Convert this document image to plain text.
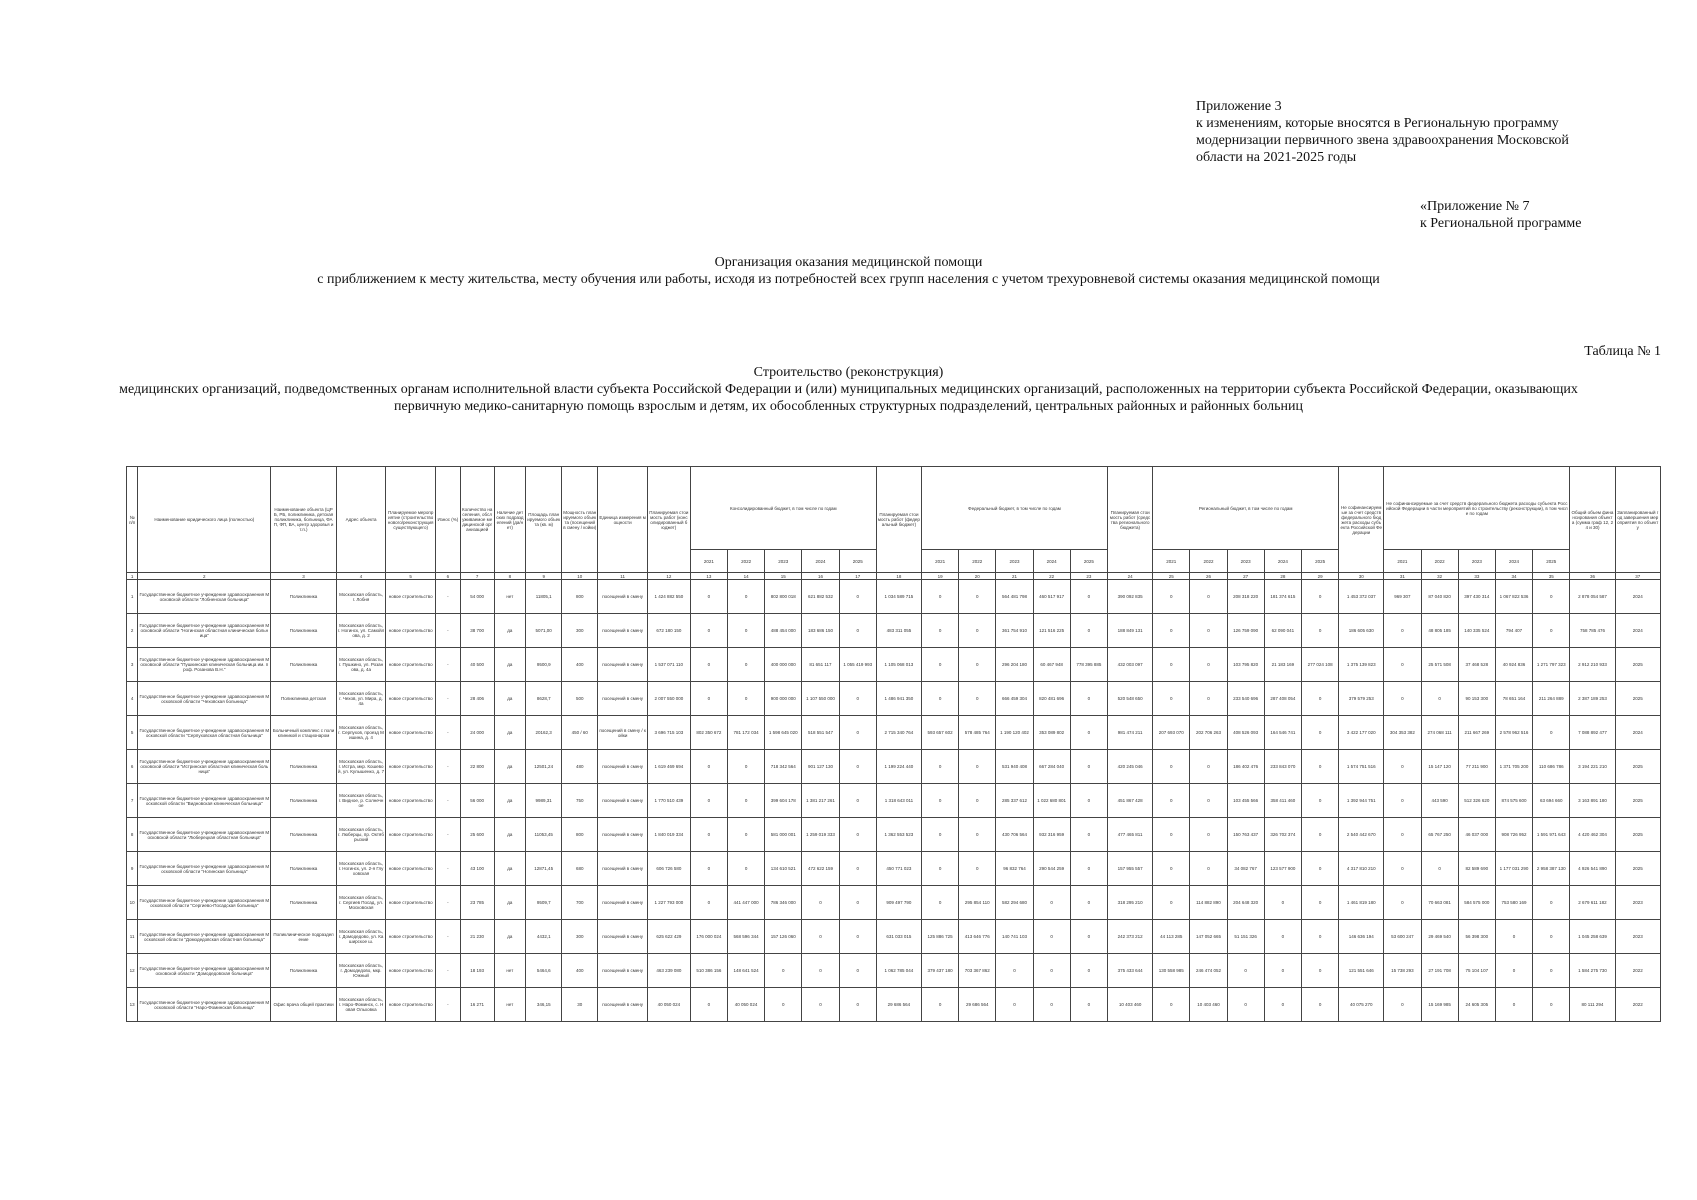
Приложение 3
к изменениям, которые вносятся в Региональную программу
модернизации первичного звена здравоохранения Московской
области на 2021-2025 годы
«Приложение № 7
к Региональной программе
Организация оказания медицинской помощи
с приближением к месту жительства, месту обучения или работы, исходя из потребностей всех групп населения с учетом трехуровневой системы оказания медицинской помощи
Таблица № 1
Строительство (реконструкция)
медицинских организаций, подведомственных органам исполнительной власти субъекта Российской Федерации и (или) муниципальных медицинских организаций, расположенных на территории субъекта Российской Федерации, оказывающих
первичную медико-санитарную помощь взрослым и детям, их обособленных структурных подразделений, центральных районных и районных больниц
№ п/п	Наименование юридического лица (полностью)	Наименование объекта (ЦРБ, РБ, поликлиника, детская поликлиника, больница, ФАП, ФП, ВА, центр здоровья и т.п.)	Адрес объекта	Планируемое мероприятие (строительство нового/реконструкция существующего)	Износ (%)	Количество населения, обслуживаемое медицинской организацией	Наличие детских подразделений (да/нет)	Площадь планируемого объекта (кв. м)	Мощность планируемого объекта (посещений в смену / койки)	Единица измерения мощности	Планируемая стоимость работ (консолидированный бюджет)	Консолидированный бюджет, в том числе по годам					Планируемая стоимость работ (федеральный бюджет)	Федеральный бюджет, в том числе по годам					Планируемая стоимость работ (средства регионального бюджета)	Региональный бюджет, в том числе по годам					Не софинансируемые за счет средств федерального бюджета расходы субъекта Российской Федерации	Не софинансируемые за счет средств федерального бюджета расходы субъекта Российской Федерации в части мероприятий по строительству (реконструкции), в том числе по годам					Общий объем финансирования объекта (сумма граф 12, 24 и 30)	Запланированный год завершения мероприятия по объекту
												2021	2022	2023	2024	2025		2021	2022	2023	2024	2025		2021	2022	2023	2024	2025		2021	2022	2023	2024	2025		
1	2	3	4	5	6	7	8	9	10	11	12	13	14	15	16	17	18	19	20	21	22	23	24	25	26	27	28	29	30	31	32	33	34	35	36	37
1	Государственное бюджетное учреждение здравоохранения Московской области "Лобненская больница"	Поликлиника	Московская область, г. Лобня	новое строительство	-	54 000	нет	11805,1	800	посещений в смену	1 424 882 550	0	0	802 800 018	621 882 532	0	1 034 589 715	0	0	564 481 798	460 517 917	0	390 092 835	0	0	208 318 220	181 374 615	0	1 453 372 037	969 307	87 040 820	397 430 314	1 067 822 536	0	2 878 054 587	2024
2	Государственное бюджетное учреждение здравоохранения Московской области "Ногинская областная клиническая больница"	Поликлиника	Московская область, г. Ногинск, ул. Самойлова, д. 2	новое строительство	-	38 700	да	5071,00	300	посещений в смену	672 180 150	0	0	488 454 000	183 686 150	0	483 311 055	0	0	361 754 910	121 516 225	0	188 849 131	0	0	126 759 090	62 090 041	0	186 605 630	0	48 805 185	140 335 524	794 407	0	758 785 476	2024
3	Государственное бюджетное учреждение здравоохранения Московской области "Пушкинская клиническая больница им. проф. Розанова В.Н."	Поликлиника	Московская область, г. Пушкино, ул. Розанова, д. 4а	новое строительство	-	40 500	да	9500,9	400	посещений в смену	1 537 071 110	0	0	400 000 000	81 651 117	1 055 419 993	1 105 068 013	0	0	296 204 180	60 467 948	778 395 885	432 003 097	0	0	103 795 820	21 183 169	277 024 108	1 375 139 823	0	25 571 508	37 468 528	40 924 836	1 271 797 323	2 912 210 933	2025
4	Государственное бюджетное учреждение здравоохранения Московской области "Чеховская больница"	Поликлиника детская	Московская область, г. Чехов, ул. Мира, д. 4а	новое строительство	-	28 406	да	8628,7	500	посещений в смену	2 007 550 000	0	0	900 000 000	1 107 550 000	0	1 486 941 350	0	0	666 459 304	820 481 696	0	520 548 650	0	0	233 540 696	287 408 054	0	379 579 253	0	0	90 153 300	78 651 164	211 264 889	2 387 189 253	2025
5	Государственное бюджетное учреждение здравоохранения Московской области "Серпуховская областная больница"	Больничный комплекс с поликлиникой и стационаром	Московская область, г. Серпухов, проезд Мишина, д. 4	новое строительство	-	24 000	да	20162,3	450 / 60	посещений в смену / койки	3 696 715 103	802 350 672	781 172 034	1 598 645 020	518 551 547	0	2 715 340 764	593 657 602	578 485 764	1 190 120 402	353 089 802	0	981 474 211	207 693 070	202 706 263	408 526 093	164 546 741	0	3 422 177 020	304 353 382	274 068 111	211 667 269	2 578 962 516	0	7 088 892 477	2024
6	Государственное бюджетное учреждение здравоохранения Московской области "Истринская областная клиническая больница"	Поликлиника	Московская область, г. Истра, мкр. Кошевой, ул. Кулышенко, д. 7	новое строительство	-	22 800	да	12501,24	480	посещений в смену	1 619 469 694	0	0	718 342 564	901 127 130	0	1 199 224 440	0	0	531 940 408	667 284 040	0	420 245 046	0	0	186 402 476	233 843 070	0	1 574 751 516	0	15 147 120	77 211 900	1 371 705 200	110 686 786	3 194 221 210	2025
7	Государственное бюджетное учреждение здравоохранения Московской области "Видновская клиническая больница"	Поликлиника	Московская область, г. Видное, р. Солнечное	новое строительство	-	56 000	да	9989,31	750	посещений в смену	1 770 510 439	0	0	399 604 178	1 381 217 261	0	1 318 643 011	0	0	285 337 612	1 022 680 801	0	451 867 428	0	0	103 455 566	358 411 460	0	1 392 944 751	0	443 590	512 326 620	874 575 600	63 694 660	3 163 891 180	2025
8	Государственное бюджетное учреждение здравоохранения Московской области "Люберецкая областная больница"	Поликлиника	Московская область, г. Люберцы, пр. Октябрьский	новое строительство	-	25 600	да	11053,45	800	посещений в смену	1 840 019 334	0	0	581 000 001	1 259 019 333	0	1 362 553 523	0	0	430 706 564	932 316 959	0	477 465 811	0	0	150 763 437	326 702 374	0	2 540 442 670	0	65 767 250	46 037 000	908 726 952	1 591 971 643	4 420 462 304	2025
9	Государственное бюджетное учреждение здравоохранения Московской области "Ногинская больница"	Поликлиника	Московская область, г. Ногинск, ул. 2-я Глуховская	новое строительство	-	43 100	да	12871,45	680	посещений в смену	606 726 580	0	0	134 610 521	472 622 159	0	450 771 023	0	0	96 832 764	290 544 259	0	157 955 557	0	0	34 082 767	123 577 900	0	4 317 810 210	0	0	82 589 690	1 177 031 290	2 958 387 130	4 926 541 890	2025
10	Государственное бюджетное учреждение здравоохранения Московской области "Сергиево-Посадская больница"	Поликлиника	Московская область, г. Сергиев Посад, ул. Московская	новое строительство	-	23 785	да	9509,7	700	посещений в смену	1 227 793 000	0	441 447 000	786 346 000	0	0	909 497 790	0	295 854 110	582 294 680	0	0	318 295 210	0	114 882 890	204 648 320	0	0	1 461 819 180	0	70 663 081	584 575 000	753 580 169	0	2 679 611 182	2023
11	Государственное бюджетное учреждение здравоохранения Московской области "Домодедовская областная больница"	Поликлиническое подразделение	Московская область, г. Домодедово, ул. Каширское ш.	новое строительство	-	21 230	да	4432,1	300	посещений в смену	625 622 429	176 000 024	568 596 344	157 126 060	0	0	631 033 015	125 886 725	413 646 776	140 741 103	0	0	242 373 212	44 113 285	147 052 665	51 151 326	0	0	146 636 194	53 600 247	29 469 540	56 398 300	0	0	1 045 258 639	2023
12	Государственное бюджетное учреждение здравоохранения Московской области "Домодедовская больница"	Поликлиника	Московская область, г. Домодедово, мкр. Южный	новое строительство	-	18 193	нет	5464,6	400	посещений в смену	463 239 080	510 386 156	148 641 524	0	0	0	1 062 785 044	379 437 180	703 367 862	0	0	0	375 433 644	130 558 985	246 474 052	0	0	0	121 551 646	15 738 293	27 191 708	75 104 107	0	0	1 584 275 730	2022
13	Государственное бюджетное учреждение здравоохранения Московской области "Наро-Фоминская больница"	Офис врача общей практики	Московская область, г. Наро-Фоминск, с. Новая Ольховка	новое строительство	-	16 271	нет	346,15	30	посещений в смену	40 050 024	0	40 050 024	0	0	0	29 686 564	0	29 686 564	0	0	0	10 403 460	0	10 403 460	0	0	0	40 075 270	0	15 169 985	24 605 305	0	0	80 111 294	2022
